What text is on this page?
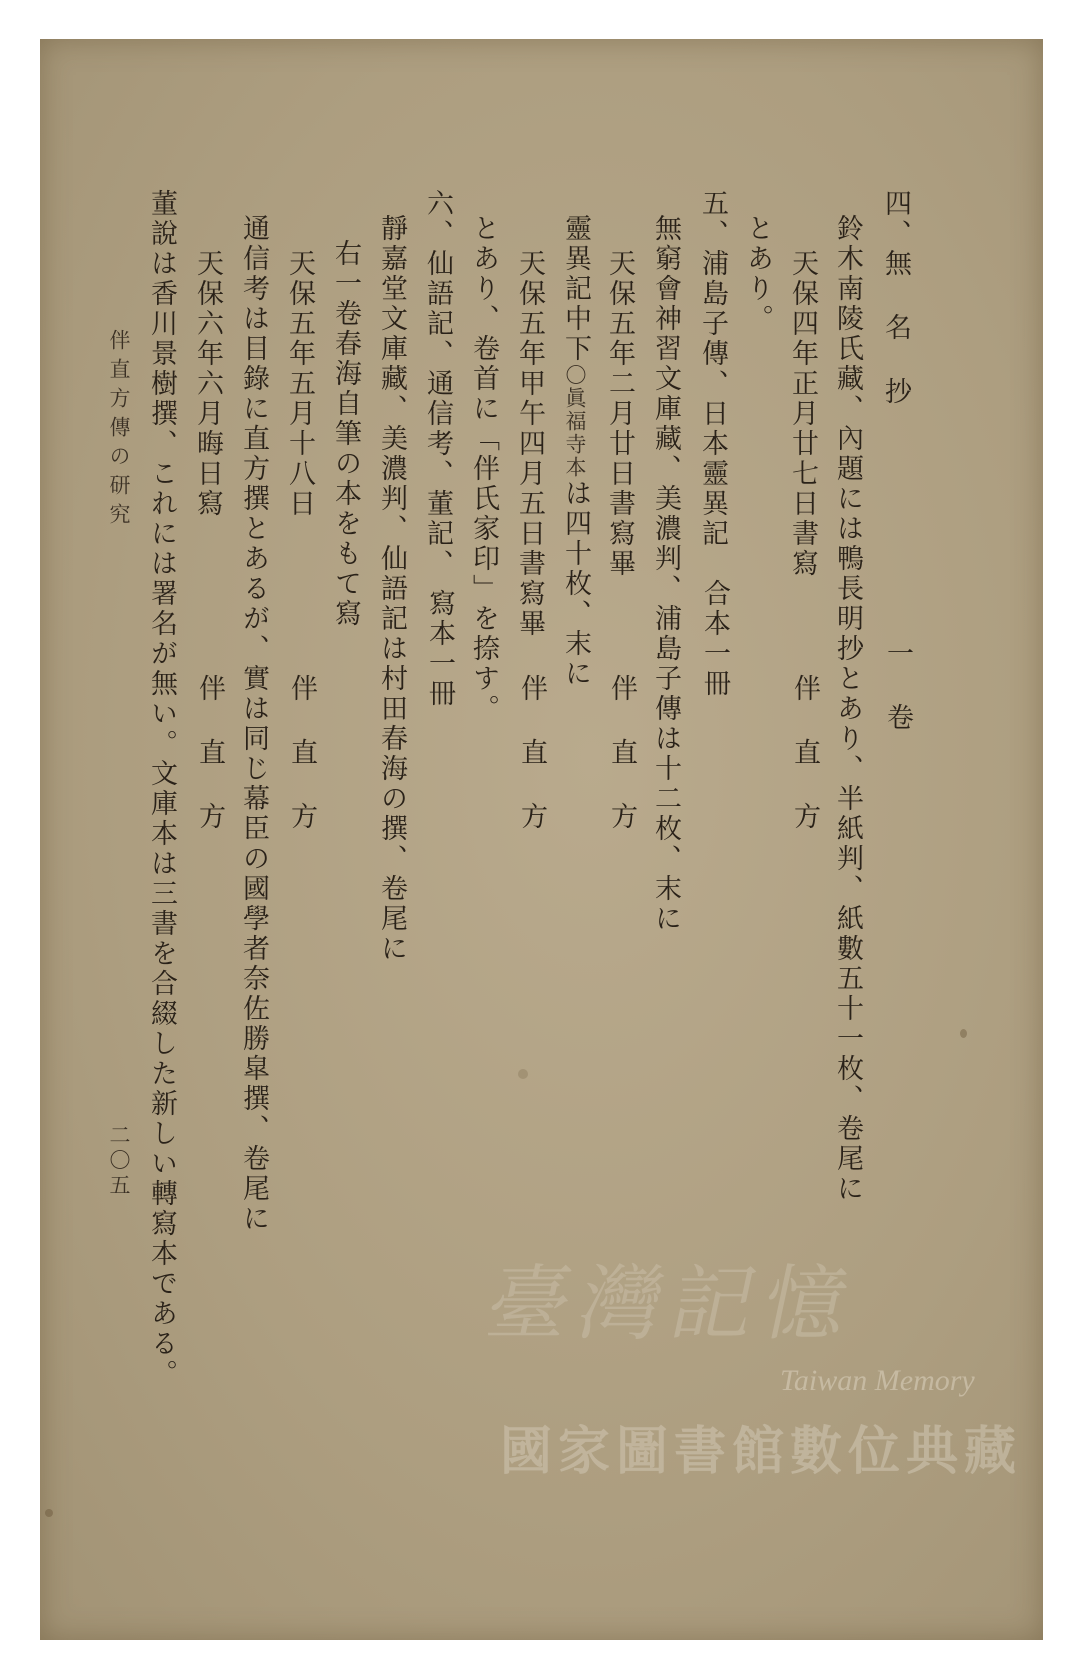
四、無 名 抄
一 卷
鈴木南陵氏藏、內題には鴨長明抄とあり、半紙判、紙數五十一枚、卷尾に
天保四年正月廿七日書寫
伴 直 方
とあり。
五、浦島子傳、日本靈異記
合本一冊
無窮會神習文庫藏、美濃判、浦島子傳は十二枚、末に
天保五年二月廿日書寫畢
伴 直 方
靈異記中下〇眞福寺本は四十枚、末に
天保五年甲午四月五日書寫畢
伴 直 方
とあり、卷首に「伴氏家印」を捺す。
六、仙語記、通信考、董記、
寫本一冊
靜嘉堂文庫藏、美濃判、仙語記は村田春海の撰、卷尾に
右一卷春海自筆の本をもて寫
天保五年五月十八日
伴 直 方
通信考は目錄に直方撰とあるが、實は同じ幕臣の國學者奈佐勝皐撰、卷尾に
天保六年六月晦日寫
伴 直 方
董說は香川景樹撰、これには署名が無い。文庫本は三書を合綴した新しい轉寫本である。
伴直方傳の研究
二〇五
臺灣記憶
Taiwan Memory
國家圖書館數位典藏
